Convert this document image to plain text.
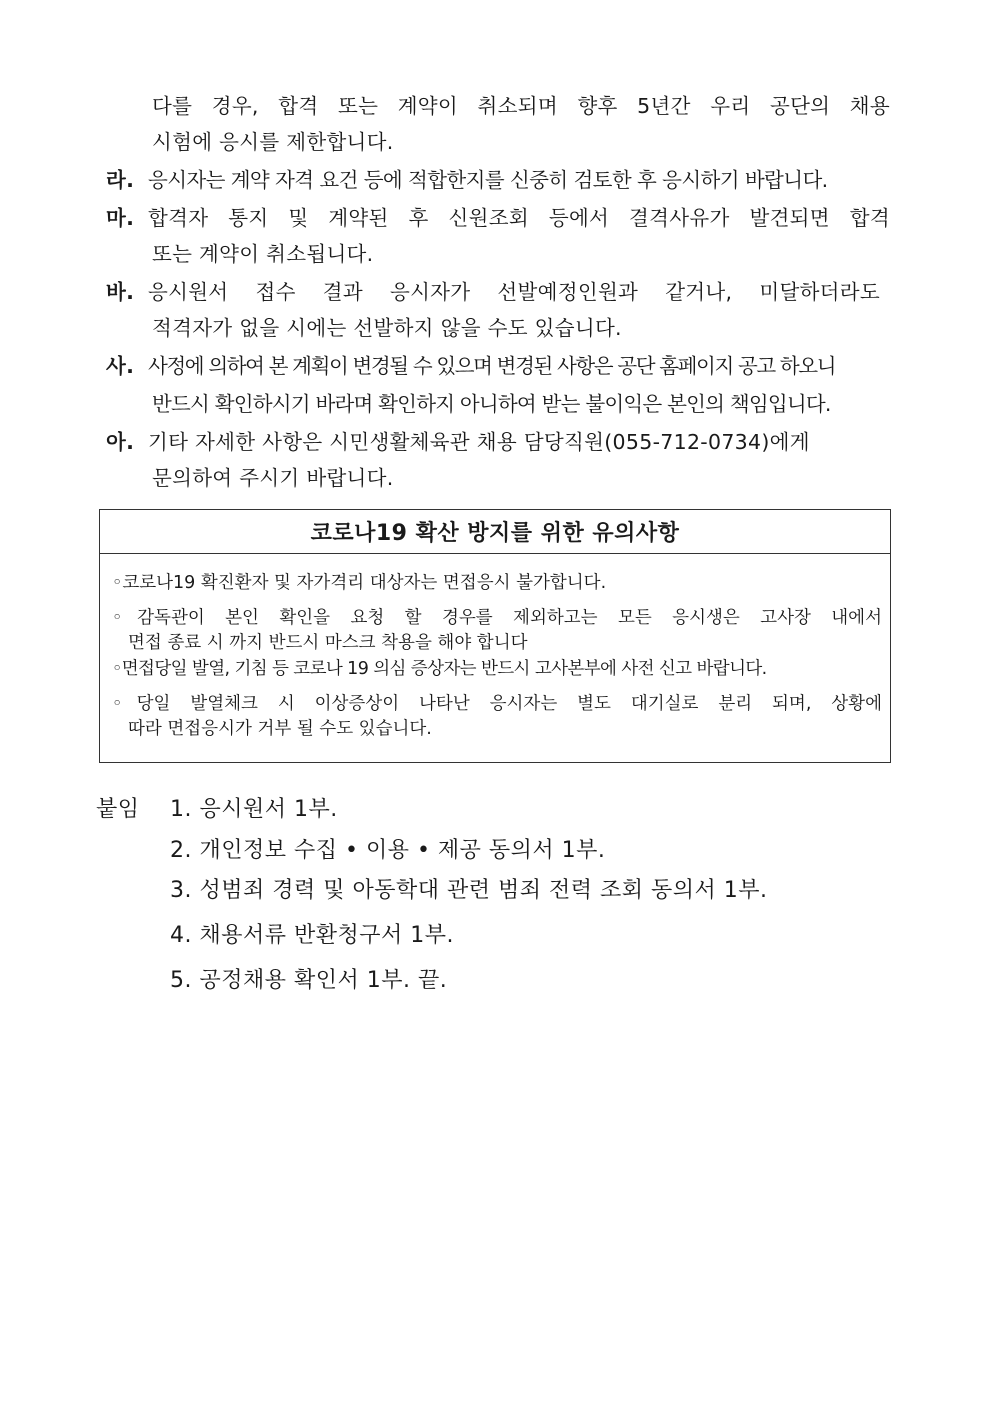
다를 경우, 합격 또는 계약이 취소되며 향후 5년간 우리 공단의 채용
시험에 응시를 제한합니다.
라. 응시자는 계약 자격 요건 등에 적합한지를 신중히 검토한 후 응시하기 바랍니다.
마. 합격자 통지 및 계약된 후 신원조회 등에서 결격사유가 발견되면 합격
또는 계약이 취소됩니다.
바. 응시원서 접수 결과 응시자가 선발예정인원과 같거나, 미달하더라도
적격자가 없을 시에는 선발하지 않을 수도 있습니다.
사. 사정에 의하여 본 계획이 변경될 수 있으며 변경된 사항은 공단 홈페이지 공고 하오니
반드시 확인하시기 바라며 확인하지 아니하여 받는 불이익은 본인의 책임입니다.
아. 기타 자세한 사항은 시민생활체육관 채용 담당직원(055-712-0734)에게
문의하여 주시기 바랍니다.
코로나19 확산 방지를 위한 유의사항
◦코로나19 확진환자 및 자가격리 대상자는 면접응시 불가합니다.
◦감독관이 본인 확인을 요청 할 경우를 제외하고는 모든 응시생은 고사장 내에서
면접 종료 시 까지 반드시 마스크 착용을 해야 합니다
◦면접당일 발열, 기침 등 코로나 19 의심 증상자는 반드시 고사본부에 사전 신고 바랍니다.
◦당일 발열체크 시 이상증상이 나타난 응시자는 별도 대기실로 분리 되며, 상황에
따라 면접응시가 거부 될 수도 있습니다.
붙임 1. 응시원서 1부.
2. 개인정보 수집 • 이용 • 제공 동의서 1부.
3. 성범죄 경력 및 아동학대 관련 범죄 전력 조회 동의서 1부.
4. 채용서류 반환청구서 1부.
5. 공정채용 확인서 1부. 끝.
